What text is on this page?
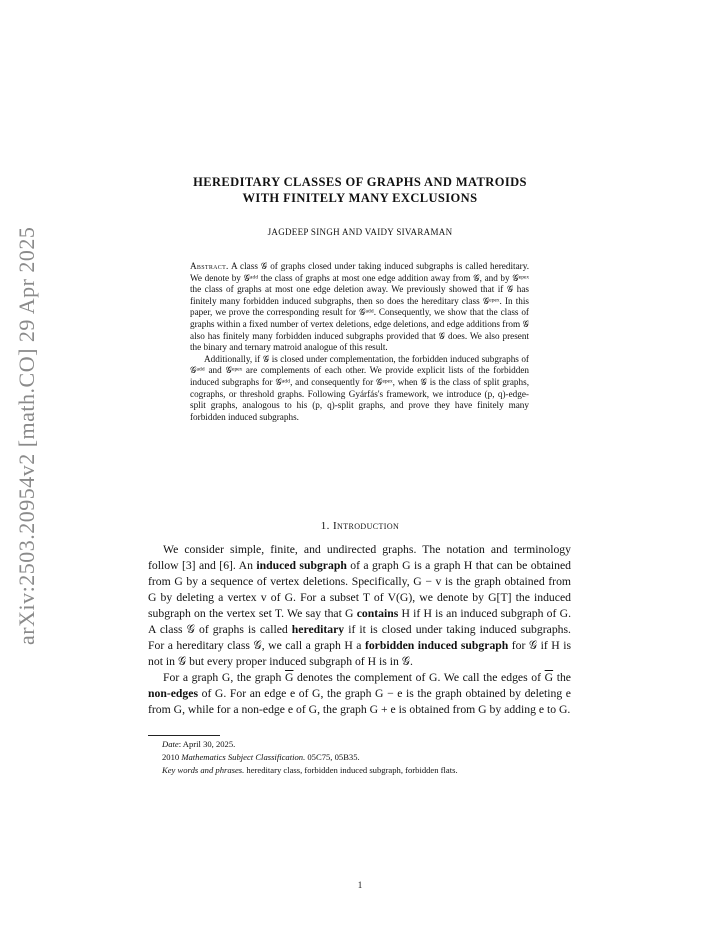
arXiv:2503.20954v2 [math.CO] 29 Apr 2025
HEREDITARY CLASSES OF GRAPHS AND MATROIDS
WITH FINITELY MANY EXCLUSIONS
JAGDEEP SINGH AND VAIDY SIVARAMAN

Abstract. A class 𝒢 of graphs closed under taking induced subgraphs is called hereditary. We denote by 𝒢ᵃᵈᵈ the class of graphs at most one edge addition away from 𝒢, and by 𝒢ᵉᵖᵉˣ the class of graphs at most one edge deletion away. We previously showed that if 𝒢 has finitely many forbidden induced subgraphs, then so does the hereditary class 𝒢ᵉᵖᵉˣ. In this paper, we prove the corresponding result for 𝒢ᵃᵈᵈ. Consequently, we show that the class of graphs within a fixed number of vertex deletions, edge deletions, and edge additions from 𝒢 also has finitely many forbidden induced subgraphs provided that 𝒢 does. We also present the binary and ternary matroid analogue of this result.

Additionally, if 𝒢 is closed under complementation, the forbidden induced subgraphs of 𝒢ᵃᵈᵈ and 𝒢ᵉᵖᵉˣ are complements of each other. We provide explicit lists of the forbidden induced subgraphs for 𝒢ᵃᵈᵈ, and consequently for 𝒢ᵉᵖᵉˣ, when 𝒢 is the class of split graphs, cographs, or threshold graphs. Following Gyárfás's framework, we introduce (p, q)-edge-split graphs, analogous to his (p, q)-split graphs, and prove they have finitely many forbidden induced subgraphs.

1. Introduction

We consider simple, finite, and undirected graphs. The notation and terminology follow [3] and [6]. An induced subgraph of a graph G is a graph H that can be obtained from G by a sequence of vertex deletions. Specifically, G − v is the graph obtained from G by deleting a vertex v of G. For a subset T of V(G), we denote by G[T] the induced subgraph on the vertex set T. We say that G contains H if H is an induced subgraph of G. A class 𝒢 of graphs is called hereditary if it is closed under taking induced subgraphs. For a hereditary class 𝒢, we call a graph H a forbidden induced subgraph for 𝒢 if H is not in 𝒢 but every proper induced subgraph of H is in 𝒢.

For a graph G, the graph $\overline{G}$ denotes the complement of G. We call the edges of $\overline{G}$ the non-edges of G. For an edge e of G, the graph G − e is the graph obtained by deleting e from G, while for a non-edge e of G, the graph G + e is obtained from G by adding e to G.

Date: April 30, 2025.
2010 Mathematics Subject Classification. 05C75, 05B35.
Key words and phrases. hereditary class, forbidden induced subgraph, forbidden flats.
1
